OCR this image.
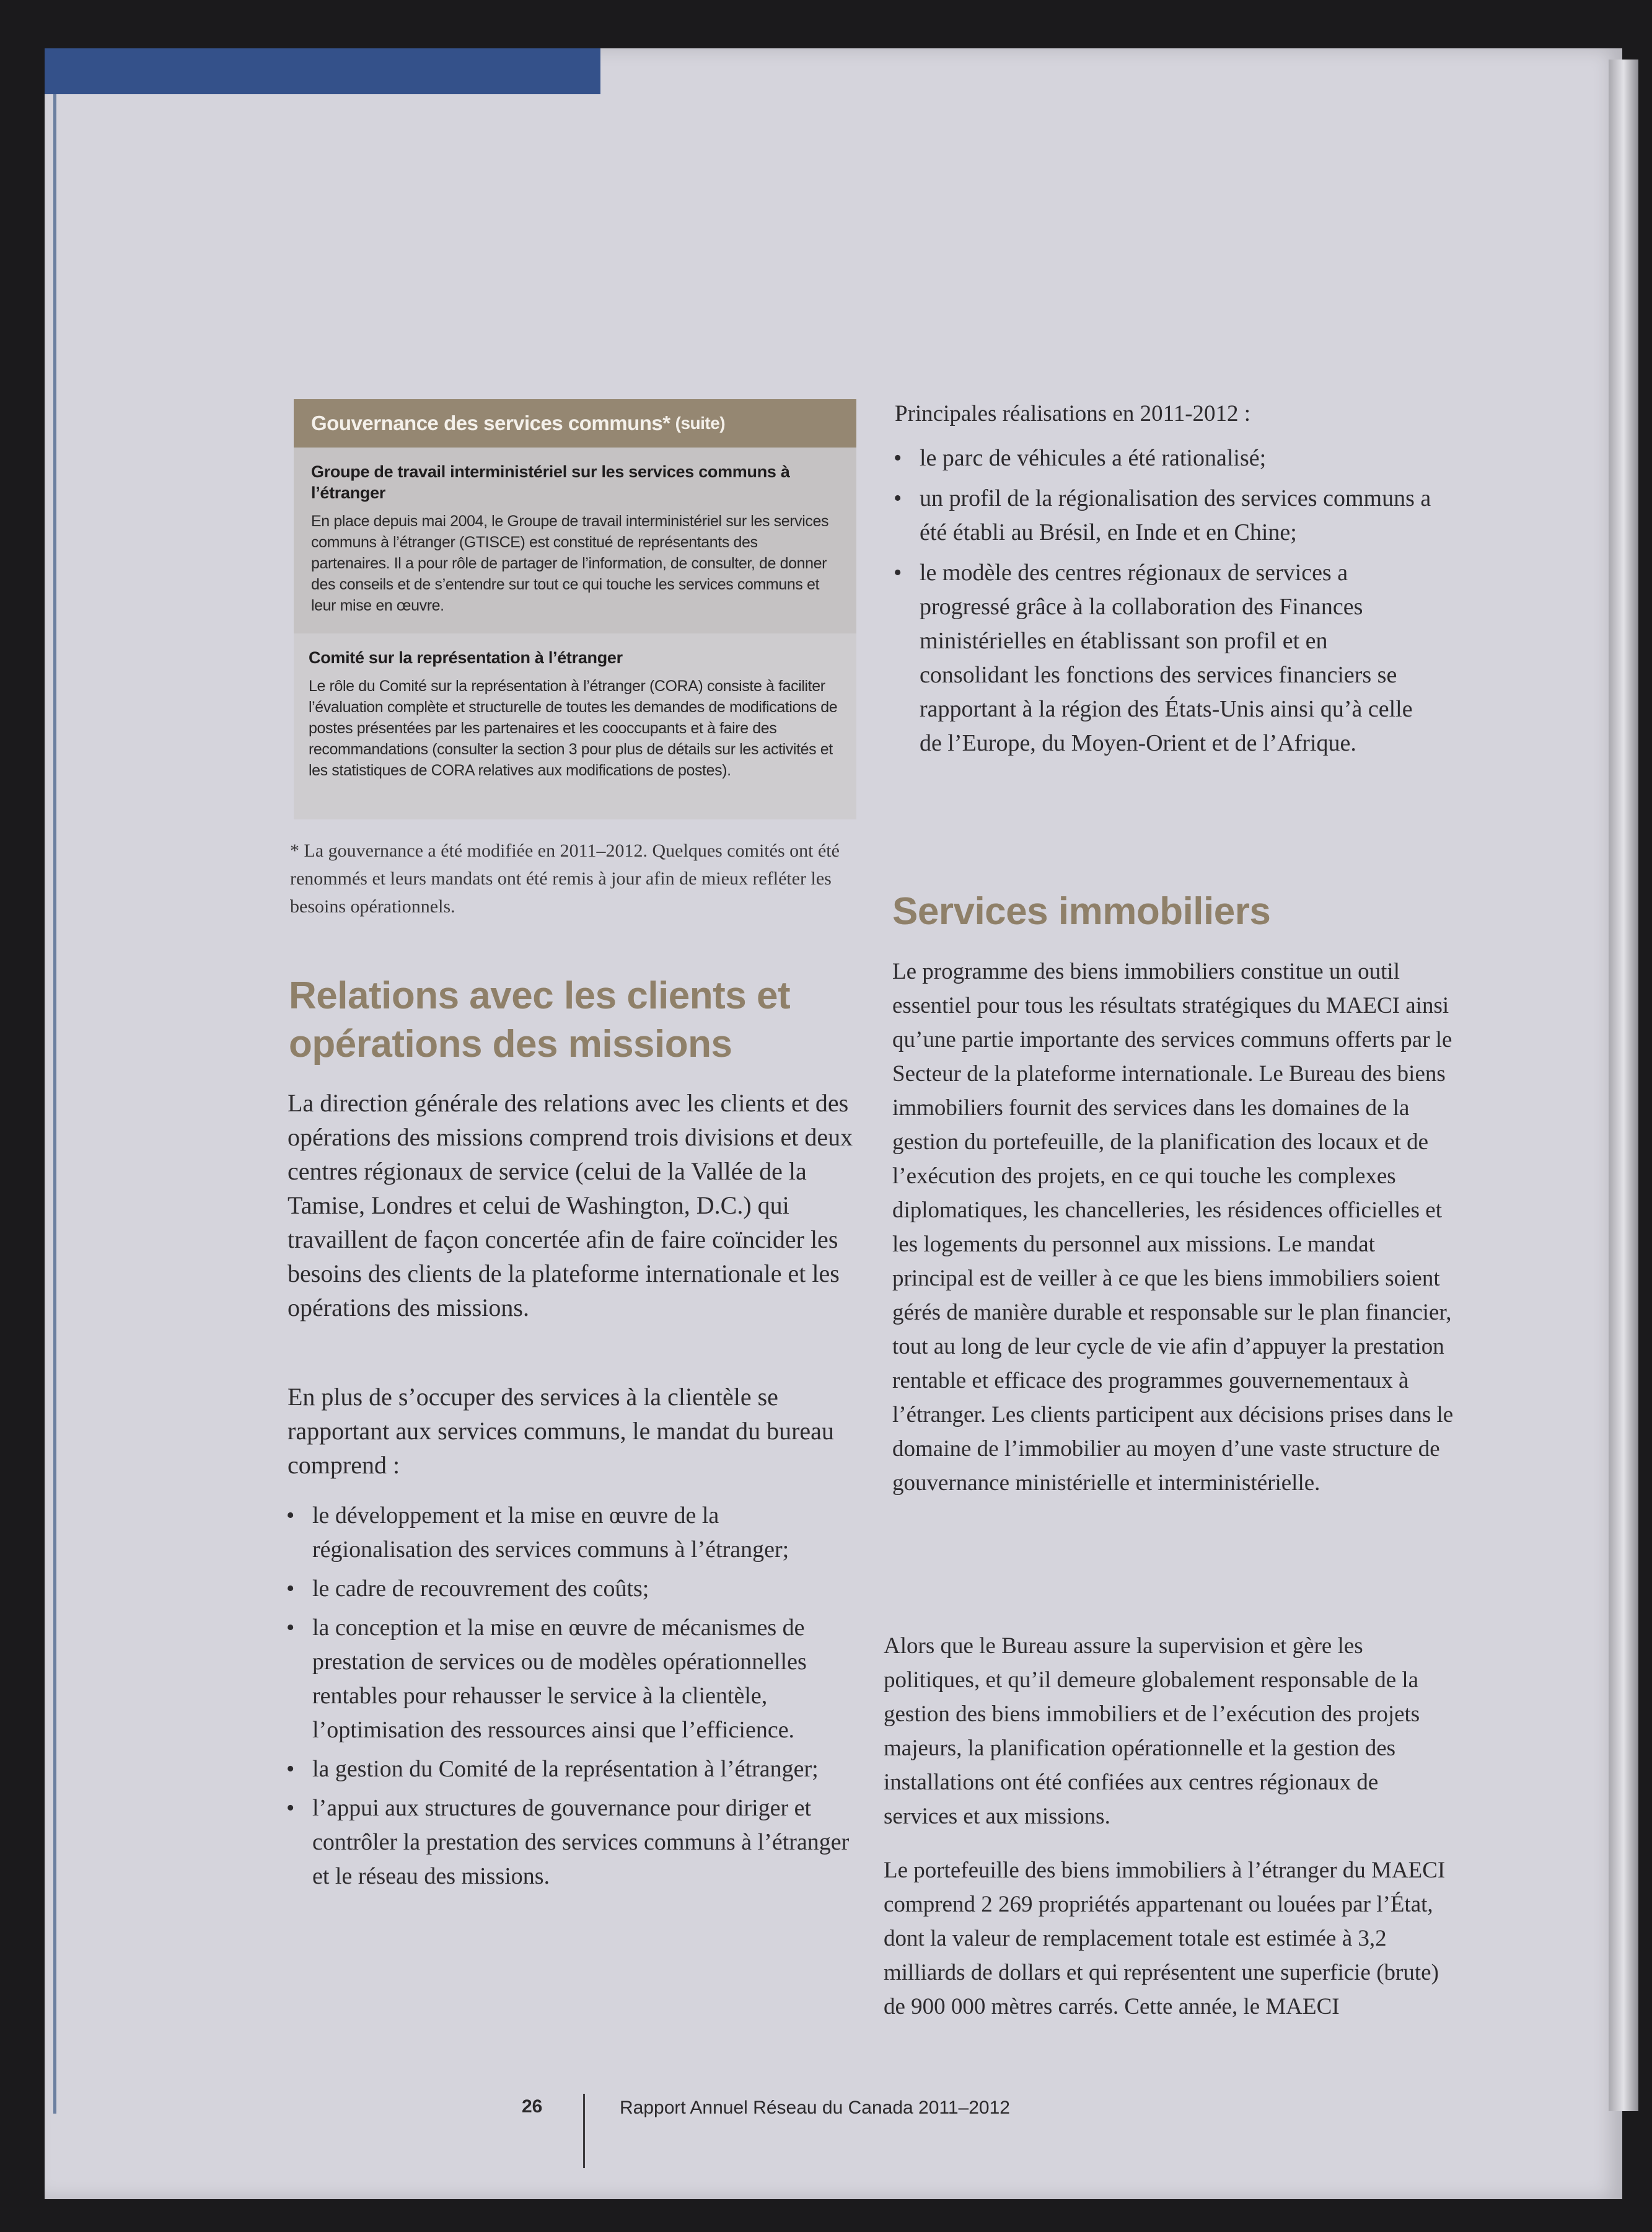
Gouvernance des services communs* (suite)
Groupe de travail interministériel sur les services communs à l’étranger
En place depuis mai 2004, le Groupe de travail interministériel sur les services communs à l’étranger (GTISCE) est constitué de représentants des partenaires. Il a pour rôle de partager de l’information, de consulter, de donner des conseils et de s’entendre sur tout ce qui touche les services communs et leur mise en œuvre.
Comité sur la représentation à l’étranger
Le rôle du Comité sur la représentation à l’étranger (CORA) consiste à faciliter l’évaluation complète et structurelle de toutes les demandes de modifications de postes présentées par les partenaires et les cooccupants et à faire des recommandations (consulter la section 3 pour plus de détails sur les activités et les statistiques de CORA relatives aux modifications de postes).
* La gouvernance a été modifiée en 2011–2012. Quelques comités ont été renommés et leurs mandats ont été remis à jour afin de mieux refléter les besoins opérationnels.
Relations avec les clients et opérations des missions
La direction générale des relations avec les clients et des opérations des missions comprend trois divisions et deux centres régionaux de service (celui de la Vallée de la Tamise, Londres et celui de Washington, D.C.) qui travaillent de façon concertée afin de faire coïncider les besoins des clients de la plateforme internationale et les opérations des missions.
En plus de s’occuper des services à la clientèle se rapportant aux services communs, le mandat du bureau comprend :
• le développement et la mise en œuvre de la régionalisation des services communs à l’étranger;
• le cadre de recouvrement des coûts;
• la conception et la mise en œuvre de mécanismes de prestation de services ou de modèles opérationnelles rentables pour rehausser le service à la clientèle, l’optimisation des ressources ainsi que l’efficience.
• la gestion du Comité de la représentation à l’étranger;
• l’appui aux structures de gouvernance pour diriger et contrôler la prestation des services communs à l’étranger et le réseau des missions.
Principales réalisations en 2011-2012 :
• le parc de véhicules a été rationalisé;
• un profil de la régionalisation des services communs a été établi au Brésil, en Inde et en Chine;
• le modèle des centres régionaux de services a progressé grâce à la collaboration des Finances ministérielles en établissant son profil et en consolidant les fonctions des services financiers se rapportant à la région des États-Unis ainsi qu’à celle de l’Europe, du Moyen-Orient et de l’Afrique.
Services immobiliers
Le programme des biens immobiliers constitue un outil essentiel pour tous les résultats stratégiques du MAECI ainsi qu’une partie importante des services communs offerts par le Secteur de la plateforme internationale. Le Bureau des biens immobiliers fournit des services dans les domaines de la gestion du portefeuille, de la planification des locaux et de l’exécution des projets, en ce qui touche les complexes diplomatiques, les chancelleries, les résidences officielles et les logements du personnel aux missions. Le mandat principal est de veiller à ce que les biens immobiliers soient gérés de manière durable et responsable sur le plan financier, tout au long de leur cycle de vie afin d’appuyer la prestation rentable et efficace des programmes gouvernementaux à l’étranger. Les clients participent aux décisions prises dans le domaine de l’immobilier au moyen d’une vaste structure de gouvernance ministérielle et interministérielle.
Alors que le Bureau assure la supervision et gère les politiques, et qu’il demeure globalement responsable de la gestion des biens immobiliers et de l’exécution des projets majeurs, la planification opérationnelle et la gestion des installations ont été confiées aux centres régionaux de services et aux missions.
Le portefeuille des biens immobiliers à l’étranger du MAECI comprend 2 269 propriétés appartenant ou louées par l’État, dont la valeur de remplacement totale est estimée à 3,2 milliards de dollars et qui représentent une superficie (brute) de 900 000 mètres carrés. Cette année, le MAECI
26	Rapport Annuel Réseau du Canada 2011–2012
